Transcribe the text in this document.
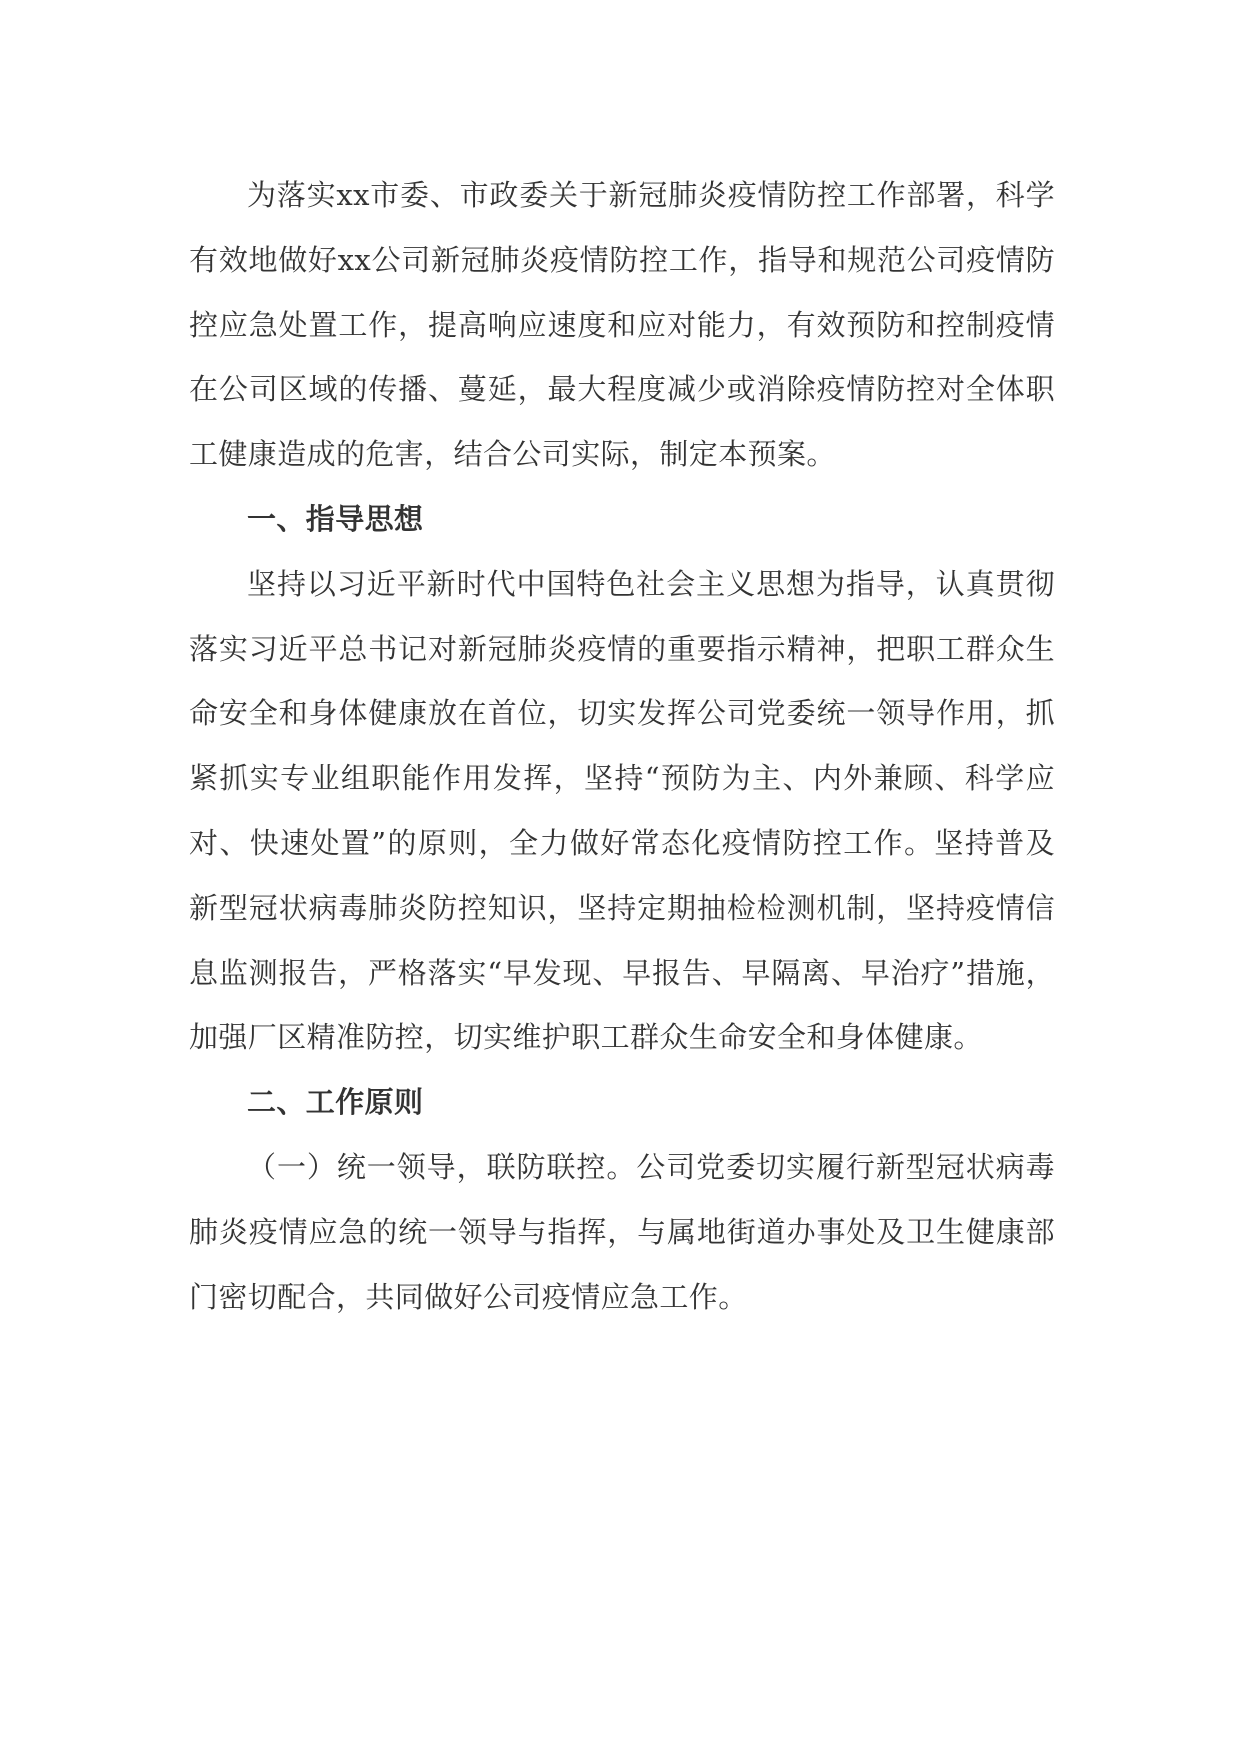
为落实xx市委、市政委关于新冠肺炎疫情防控工作部署，科学
有效地做好xx公司新冠肺炎疫情防控工作，指导和规范公司疫情防
控应急处置工作，提高响应速度和应对能力，有效预防和控制疫情
在公司区域的传播、蔓延，最大程度减少或消除疫情防控对全体职
工健康造成的危害，结合公司实际，制定本预案。
一、指导思想
坚持以习近平新时代中国特色社会主义思想为指导，认真贯彻
落实习近平总书记对新冠肺炎疫情的重要指示精神，把职工群众生
命安全和身体健康放在首位，切实发挥公司党委统一领导作用，抓
紧抓实专业组职能作用发挥，坚持“预防为主、内外兼顾、科学应
对、快速处置”的原则，全力做好常态化疫情防控工作。坚持普及
新型冠状病毒肺炎防控知识，坚持定期抽检检测机制，坚持疫情信
息监测报告，严格落实“早发现、早报告、早隔离、早治疗”措施，
加强厂区精准防控，切实维护职工群众生命安全和身体健康。
二、工作原则
（一）统一领导，联防联控。公司党委切实履行新型冠状病毒
肺炎疫情应急的统一领导与指挥，与属地街道办事处及卫生健康部
门密切配合，共同做好公司疫情应急工作。
